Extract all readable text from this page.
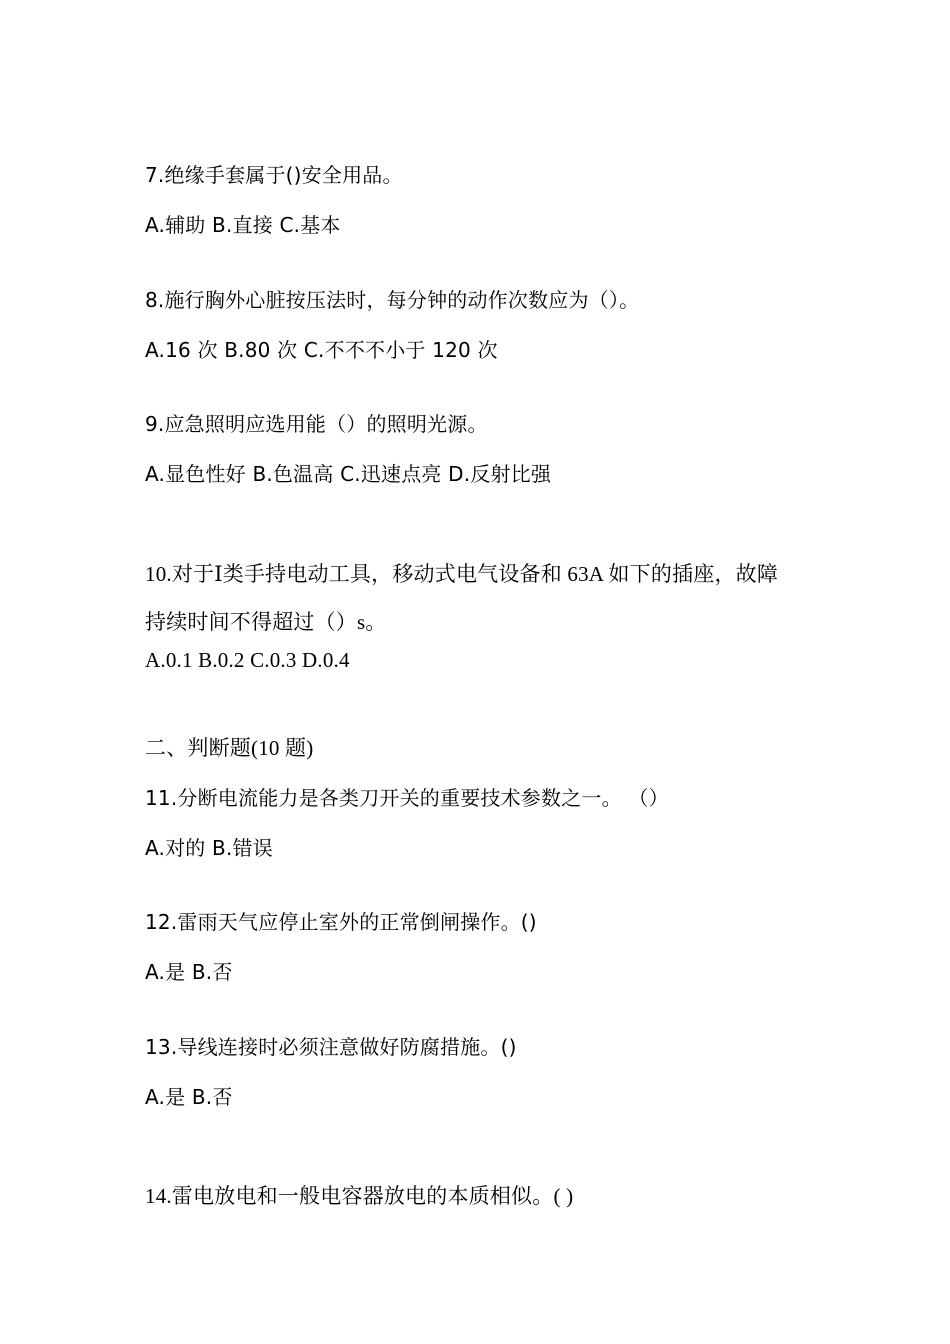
7.绝缘手套属于()安全用品。
A.辅助 B.直接 C.基本
8.施行胸外心脏按压法时，每分钟的动作次数应为（）。
A.16 次 B.80 次 C.不不不小于 120 次
9.应急照明应选用能（）的照明光源。
A.显色性好 B.色温高 C.迅速点亮 D.反射比强
10.对于Ⅰ类手持电动工具，移动式电气设备和 63A 如下的插座，故障
持续时间不得超过（）s。
A.0.1 B.0.2 C.0.3 D.0.4
二、判断题(10 题)
11.分断电流能力是各类刀开关的重要技术参数之一。 （）
A.对的 B.错误
12.雷雨天气应停止室外的正常倒闸操作。()
A.是 B.否
13.导线连接时必须注意做好防腐措施。()
A.是 B.否
14.雷电放电和一般电容器放电的本质相似。( )
